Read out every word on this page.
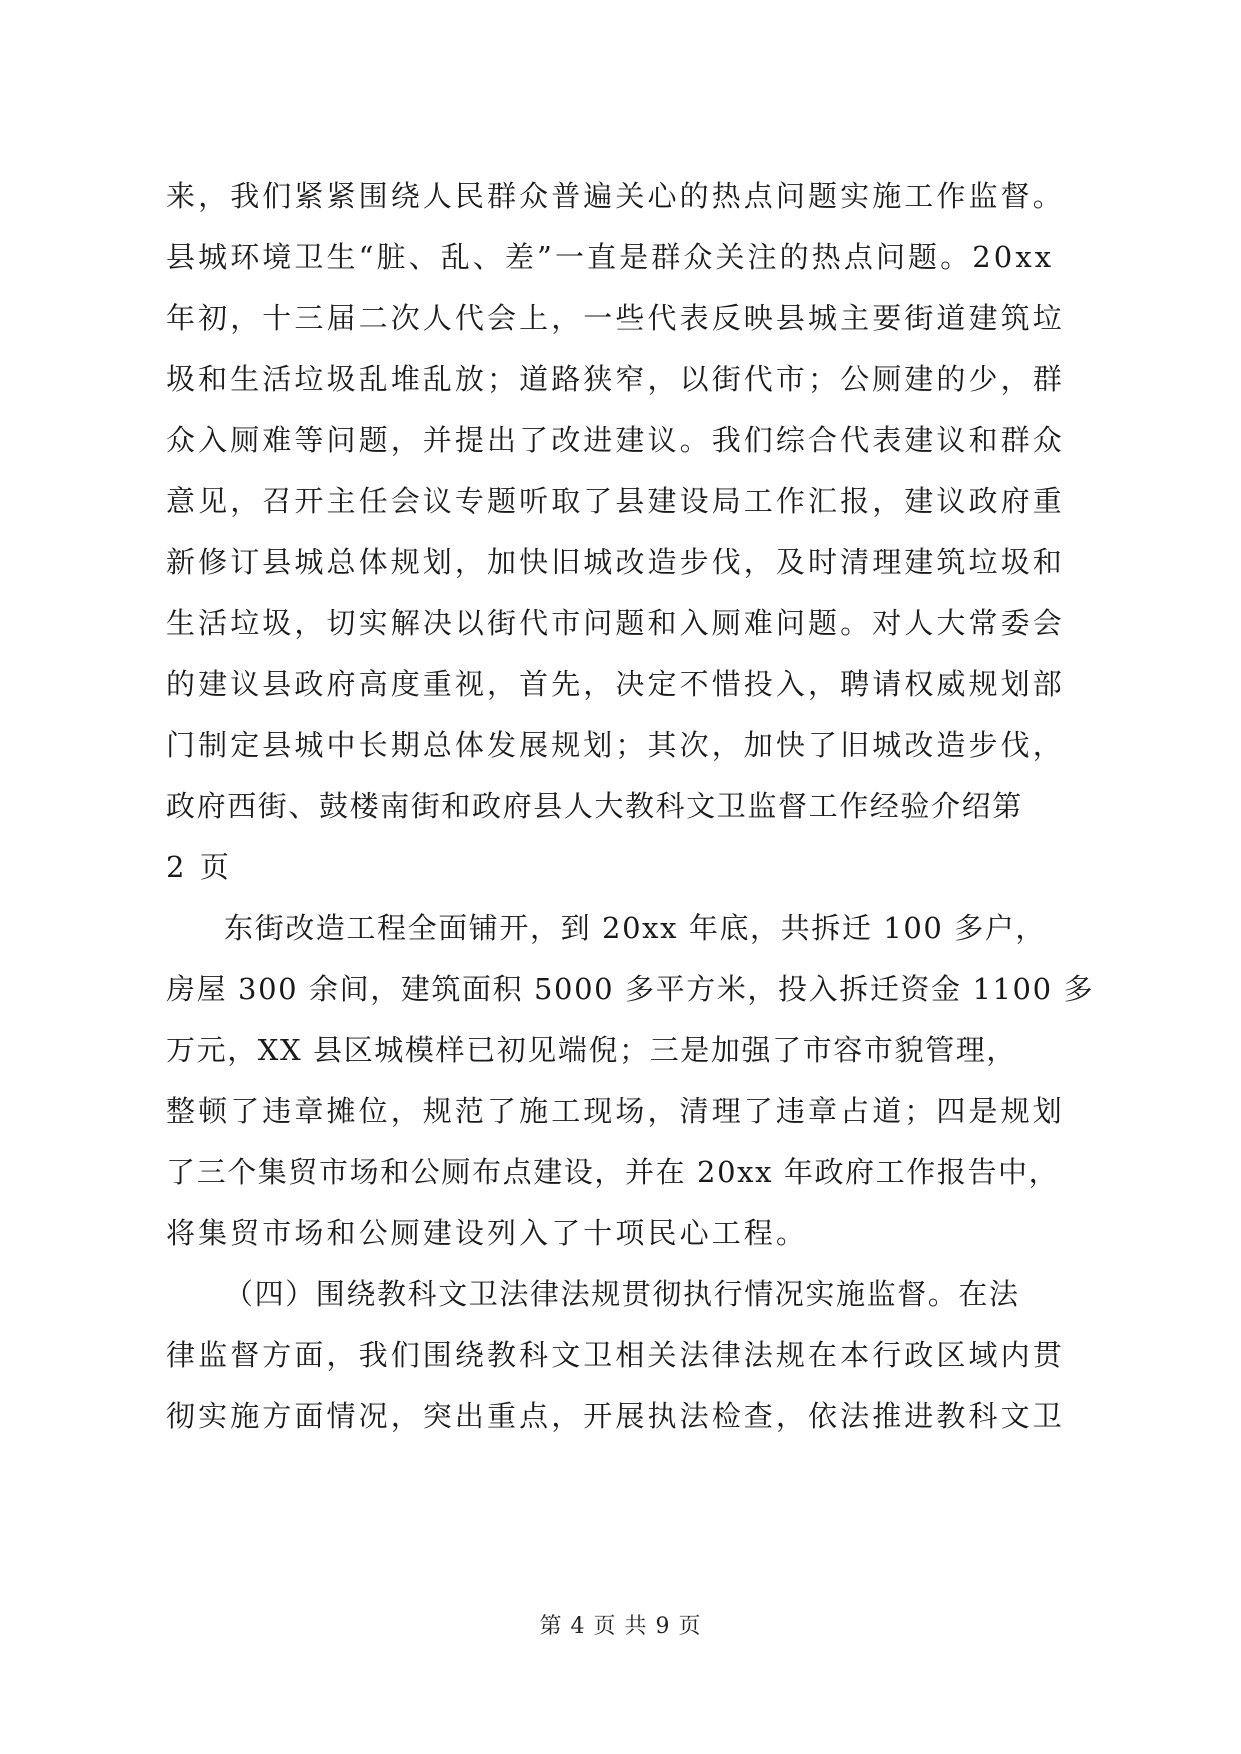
来，我们紧紧围绕人民群众普遍关心的热点问题实施工作监督。
县城环境卫生“脏、乱、差”一直是群众关注的热点问题。20xx
年初，十三届二次人代会上，一些代表反映县城主要街道建筑垃
圾和生活垃圾乱堆乱放；道路狭窄，以街代市；公厕建的少，群
众入厕难等问题，并提出了改进建议。我们综合代表建议和群众
意见，召开主任会议专题听取了县建设局工作汇报，建议政府重
新修订县城总体规划，加快旧城改造步伐，及时清理建筑垃圾和
生活垃圾，切实解决以街代市问题和入厕难问题。对人大常委会
的建议县政府高度重视，首先，决定不惜投入，聘请权威规划部
门制定县城中长期总体发展规划；其次，加快了旧城改造步伐，
政府西街、鼓楼南街和政府县人大教科文卫监督工作经验介绍第
2 页
东街改造工程全面铺开，到 20xx 年底，共拆迁 100 多户，
房屋 300 余间，建筑面积 5000 多平方米，投入拆迁资金 1100 多
万元，XX 县区城模样已初见端倪；三是加强了市容市貌管理，
整顿了违章摊位，规范了施工现场，清理了违章占道；四是规划
了三个集贸市场和公厕布点建设，并在 20xx 年政府工作报告中，
将集贸市场和公厕建设列入了十项民心工程。
（四）围绕教科文卫法律法规贯彻执行情况实施监督。在法
律监督方面，我们围绕教科文卫相关法律法规在本行政区域内贯
彻实施方面情况，突出重点，开展执法检查，依法推进教科文卫
第 4 页 共 9 页
